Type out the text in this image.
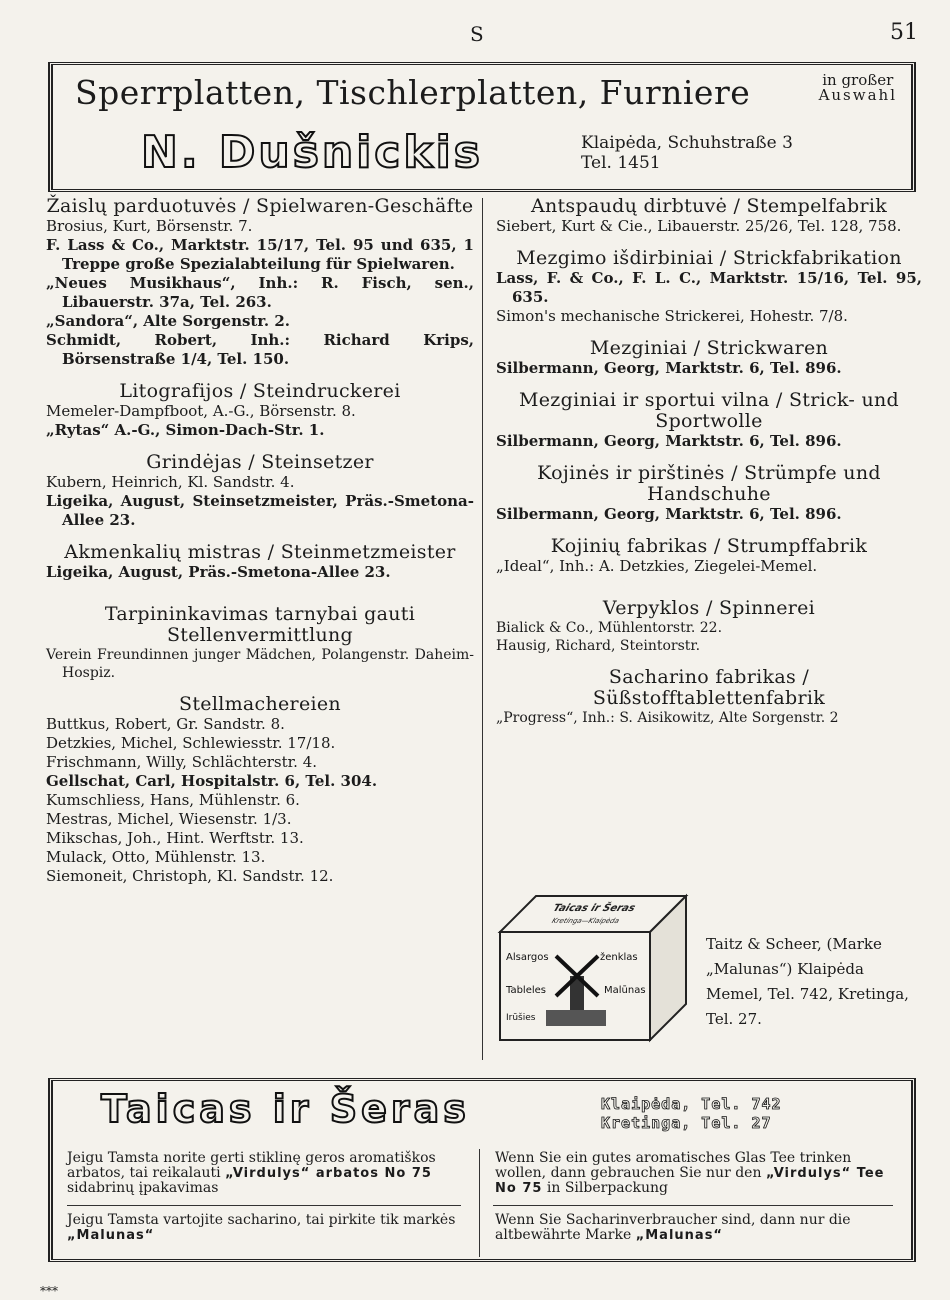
S	51
Sperrplatten, Tischlerplatten, Furniere	in großer
Auswahl
N. Dušnickis	Klaipėda, Schuhstraße 3
Tel. 1451
Žaislų parduotuvės / Spielwaren-Geschäfte
Brosius, Kurt, Börsenstr. 7.
F. Lass & Co., Marktstr. 15/17, Tel. 95 und 635, 1 Treppe große Spezialabteilung für Spielwaren.
„Neues Musikhaus“, Inh.: R. Fisch, sen., Libauerstr. 37a, Tel. 263.
„Sandora“, Alte Sorgenstr. 2.
Schmidt, Robert, Inh.: Richard Krips, Börsenstraße 1/4, Tel. 150.
Litografijos / Steindruckerei
Memeler-Dampfboot, A.-G., Börsenstr. 8.
„Rytas“ A.-G., Simon-Dach-Str. 1.
Grindėjas / Steinsetzer
Kubern, Heinrich, Kl. Sandstr. 4.
Ligeika, August, Steinsetzmeister, Präs.-Smetona-Allee 23.
Akmenkalių mistras / Steinmetzmeister
Ligeika, August, Präs.-Smetona-Allee 23.
Tarpininkavimas tarnybai gauti Stellenvermittlung
Verein Freundinnen junger Mädchen, Polangenstr. Daheim-Hospiz.
Stellmachereien
Buttkus, Robert, Gr. Sandstr. 8.
Detzkies, Michel, Schlewiesstr. 17/18.
Frischmann, Willy, Schlächterstr. 4.
Gellschat, Carl, Hospitalstr. 6, Tel. 304.
Kumschliess, Hans, Mühlenstr. 6.
Mestras, Michel, Wiesenstr. 1/3.
Mikschas, Joh., Hint. Werftstr. 13.
Mulack, Otto, Mühlenstr. 13.
Siemoneit, Christoph, Kl. Sandstr. 12.
Antspaudų dirbtuvė / Stempelfabrik
Siebert, Kurt & Cie., Libauerstr. 25/26, Tel. 128, 758.
Mezgimo išdirbiniai / Strickfabrikation
Lass, F. & Co., F. L. C., Marktstr. 15/16, Tel. 95, 635.
Simon's mechanische Strickerei, Hohestr. 7/8.
Mezginiai / Strickwaren
Silbermann, Georg, Marktstr. 6, Tel. 896.
Mezginiai ir sportui vilna / Strick- und Sportwolle
Silbermann, Georg, Marktstr. 6, Tel. 896.
Kojinės ir pirštinės / Strümpfe und Handschuhe
Silbermann, Georg, Marktstr. 6, Tel. 896.
Kojinių fabrikas / Strumpffabrik
„Ideal“, Inh.: A. Detzkies, Ziegelei-Memel.
Verpyklos / Spinnerei
Bialick & Co., Mühlentorstr. 22.
Hausig, Richard, Steintorstr.
Sacharino fabrikas / Süßstofftablettenfabrik
„Progress“, Inh.: S. Aisikowitz, Alte Sorgenstr. 2
Taicas ir Šeras
Kretinga—Klaipėda
Alsargos
Tableles
Irūšies
ženklas
Malūnas
Taitz & Scheer, (Marke „Malunas“) Klaipėda Memel, Tel. 742, Kretinga, Tel. 27.
Taicas ir Šeras	Klaipėda, Tel. 742
Kretinga, Tel. 27
Jeigu Tamsta norite gerti stiklinę geros aromatiškos arbatos, tai reikalauti „Virdulys“ arbatos No 75 sidabrinų įpakavimas
Wenn Sie ein gutes aromatisches Glas Tee trinken wollen, dann gebrauchen Sie nur den „Virdulys“ Tee No 75 in Silberpackung
Jeigu Tamsta vartojite sacharino, tai pirkite tik markės „Malunas“
Wenn Sie Sacharinverbraucher sind, dann nur die altbewährte Marke „Malunas“
***
